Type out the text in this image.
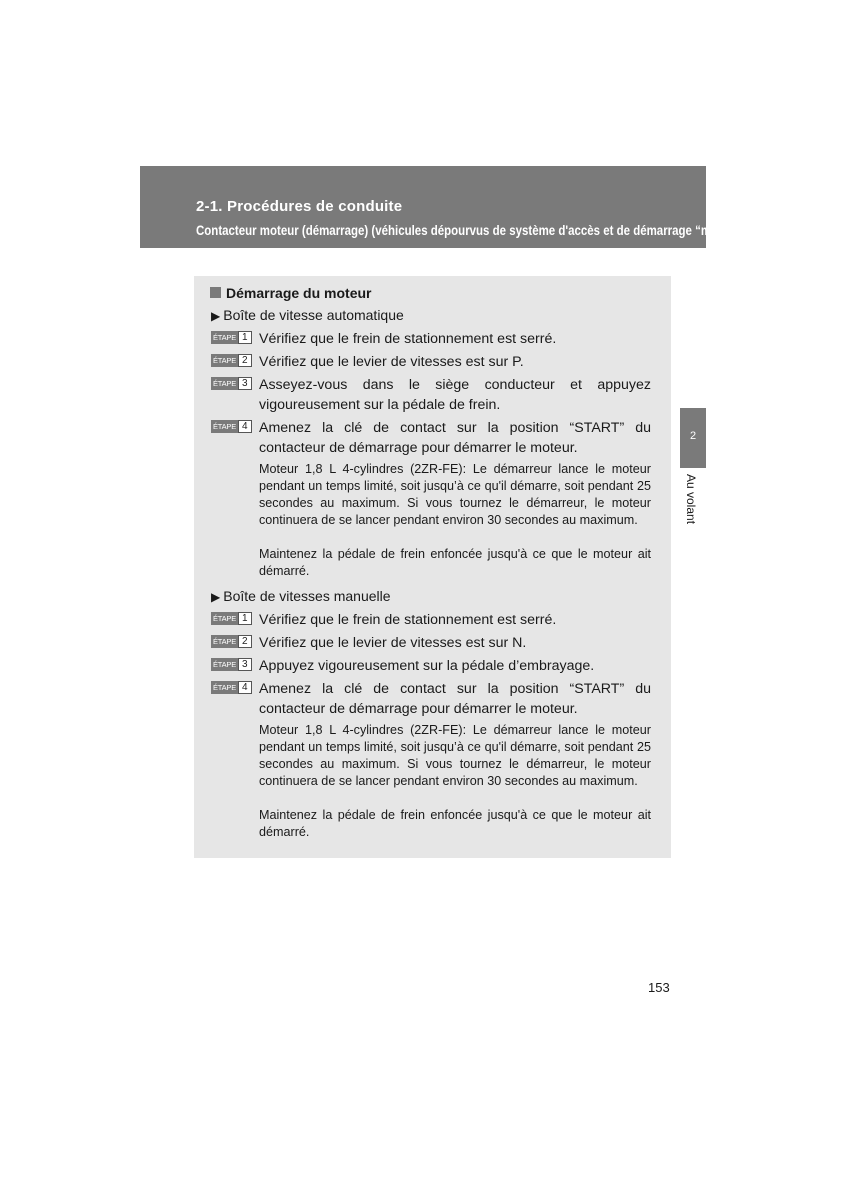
2-1. Procédures de conduite
Contacteur moteur (démarrage) (véhicules dépourvus de système d'accès et de démarrage “mains libres”)
2
Au volant
Démarrage du moteur
▶ Boîte de vitesse automatique
ÉTAPE 1 Vérifiez que le frein de stationnement est serré.
ÉTAPE 2 Vérifiez que le levier de vitesses est sur P.
ÉTAPE 3 Asseyez-vous dans le siège conducteur et appuyez vigoureusement sur la pédale de frein.
ÉTAPE 4 Amenez la clé de contact sur la position “START” du contacteur de démarrage pour démarrer le moteur.
Moteur 1,8 L 4-cylindres (2ZR-FE): Le démarreur lance le moteur pendant un temps limité, soit jusqu’à ce qu'il démarre, soit pendant 25 secondes au maximum. Si vous tournez le démarreur, le moteur continuera de se lancer pendant environ 30 secondes au maximum.
Maintenez la pédale de frein enfoncée jusqu'à ce que le moteur ait démarré.
▶ Boîte de vitesses manuelle
ÉTAPE 1 Vérifiez que le frein de stationnement est serré.
ÉTAPE 2 Vérifiez que le levier de vitesses est sur N.
ÉTAPE 3 Appuyez vigoureusement sur la pédale d’embrayage.
ÉTAPE 4 Amenez la clé de contact sur la position “START” du contacteur de démarrage pour démarrer le moteur.
Moteur 1,8 L 4-cylindres (2ZR-FE): Le démarreur lance le moteur pendant un temps limité, soit jusqu’à ce qu'il démarre, soit pendant 25 secondes au maximum. Si vous tournez le démarreur, le moteur continuera de se lancer pendant environ 30 secondes au maximum.
Maintenez la pédale de frein enfoncée jusqu'à ce que le moteur ait démarré.
153
